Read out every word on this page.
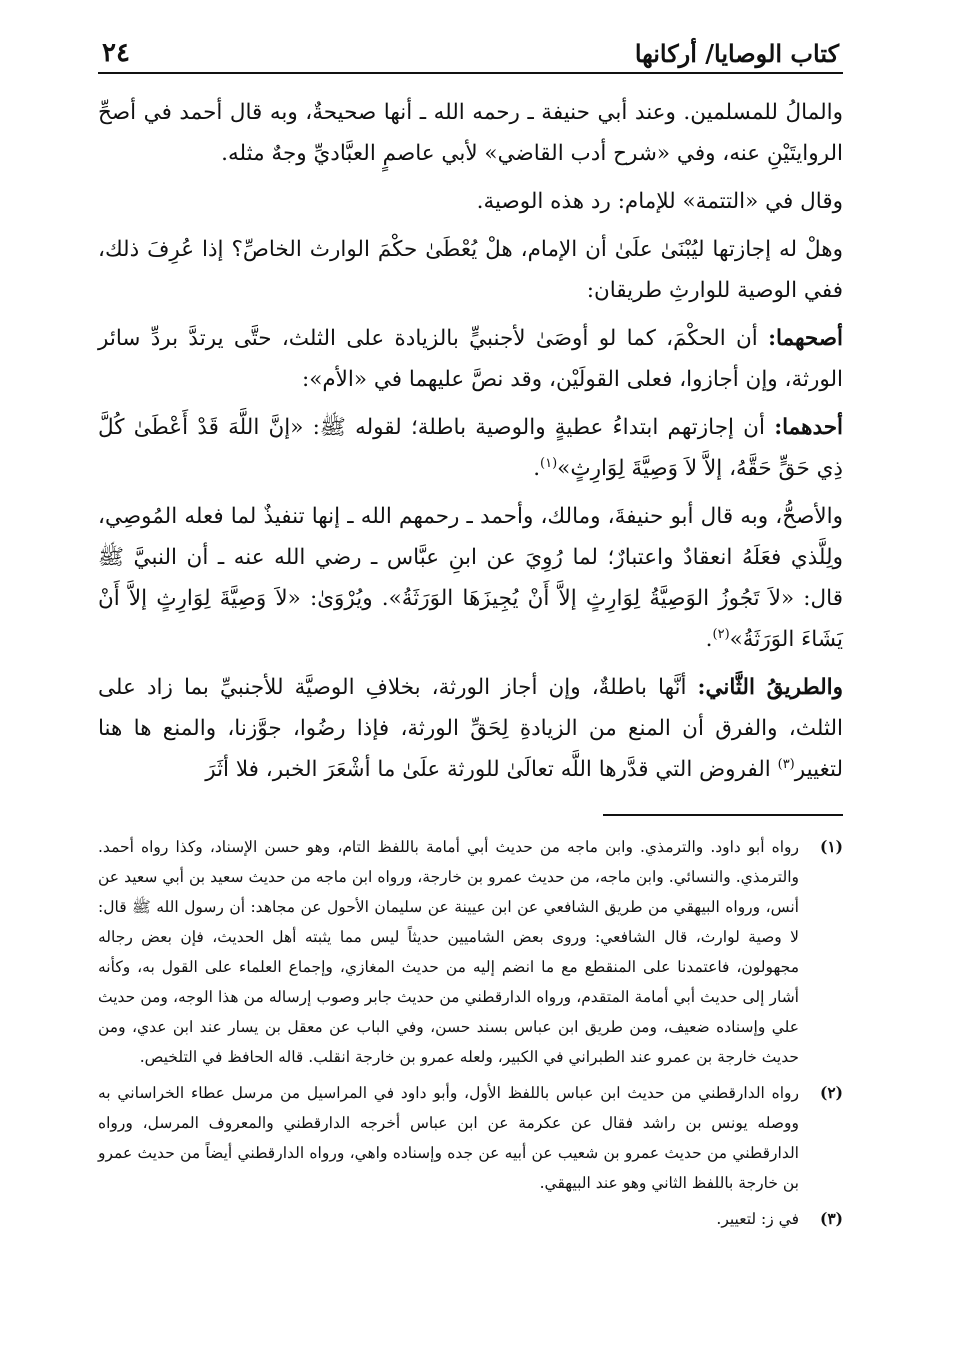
كتاب الوصايا/ أركانها
٢٤

والمالُ للمسلمين. وعند أبي حنيفة ـ رحمه الله ـ أنها صحيحةٌ، وبه قال أحمد في أصحِّ الروايتَيْنِ عنه، وفي «شرح أدب القاضي» لأبي عاصمٍ العبَّاديِّ وجهٌ مثله.

وقال في «التتمة» للإمام: رد هذه الوصية.

وهلْ له إجازتها ليُبْنَىٰ علَىٰ أن الإمام، هلْ يُعْطَىٰ حكْمَ الوارث الخاصِّ؟ إذا عُرِفَ ذلك، ففي الوصية للوارثِ طريقان:

أصحهما: أن الحكْمَ، كما لو أوصَىٰ لأجنبيٍّ بالزيادة على الثلث، حتَّى يرتدَّ بردِّ سائر الورثة، وإن أجازوا، فعلى القولَيْن، وقد نصَّ عليهما في «الأم»:

أحدهما: أن إجازتهم ابتداءُ عطيةٍ والوصية باطلة؛ لقوله ﷺ: «إنَّ اللَّهَ قَدْ أَعْطَىٰ كُلَّ ذِي حَقٍّ حَقَّهُ، إلاَّ لاَ وَصِيَّةَ لِوَارِثٍ»$^{(١)}$.

والأصحُّ، وبه قال أبو حنيفةَ، ومالك، وأحمد ـ رحمهم الله ـ إنها تنفيذٌ لما فعله المُوصِي، ولِلَّذي فعَلَهُ انعقادٌ واعتبارٌ؛ لما رُوِيَ عن ابنِ عبَّاس ـ رضي الله عنه ـ أن النبيَّ ﷺ قال: «لاَ تَجُوزُ الوَصِيَّةُ لِوَارِثٍ إلاَّ أَنْ يُجِيزَهَا الوَرَثَةُ». ويُرْوَىٰ: «لاَ وَصِيَّةَ لِوَارِثٍ إلاَّ أَنْ يَشَاءَ الوَرَثَةُ»$^{(٢)}$.

والطريقُ الثَّاني: أنَّها باطلةٌ، وإن أجاز الورثة، بخلافِ الوصيَّة للأجنبيِّ بما زاد على الثلث، والفرق أن المنع من الزيادةِ لِحَقِّ الورثة، فإذا رضُوا، جوَّزنا، والمنع ها هنا لتغيير$^{(٣)}$ الفروض التي قدَّرها اللَّه تعالَىٰ للورثة علَىٰ ما أشْعَرَ الخبر، فلا أثَرَ

(١)
رواه أبو داود. والترمذي. وابن ماجه من حديث أبي أمامة باللفظ التام، وهو حسن الإسناد، وكذا رواه أحمد. والترمذي. والنسائي. وابن ماجه، من حديث عمرو بن خارجة، ورواه ابن ماجه من حديث سعيد بن أبي سعيد عن أنس، ورواه البيهقي من طريق الشافعي عن ابن عيينة عن سليمان الأحول عن مجاهد: أن رسول الله ﷺ قال: لا وصية لوارث، قال الشافعي: وروى بعض الشاميين حديثاً ليس مما يثبته أهل الحديث، فإن بعض رجاله مجهولون، فاعتمدنا على المنقطع مع ما انضم إليه من حديث المغازي، وإجماع العلماء على القول به، وكأنه أشار إلى حديث أبي أمامة المتقدم، ورواه الدارقطني من حديث جابر وصوب إرساله من هذا الوجه، ومن حديث علي وإسناده ضعيف، ومن طريق ابن عباس بسند حسن، وفي الباب عن معقل بن يسار عند ابن عدي، ومن حديث خارجة بن عمرو عند الطبراني في الكبير، ولعله عمرو بن خارجة انقلب. قاله الحافظ في التلخيص.
(٢)
رواه الدارقطني من حديث ابن عباس باللفظ الأول، وأبو داود في المراسيل من مرسل عطاء الخراساني به ووصله يونس بن راشد فقال عن عكرمة عن ابن عباس أخرجه الدارقطني والمعروف المرسل، ورواه الدارقطني من حديث عمرو بن شعيب عن أبيه عن جده وإسناده واهي، ورواه الدارقطني أيضاً من حديث عمرو بن خارجة باللفظ الثاني وهو عند البيهقي.
(٣)
في ز: لتعيير.
